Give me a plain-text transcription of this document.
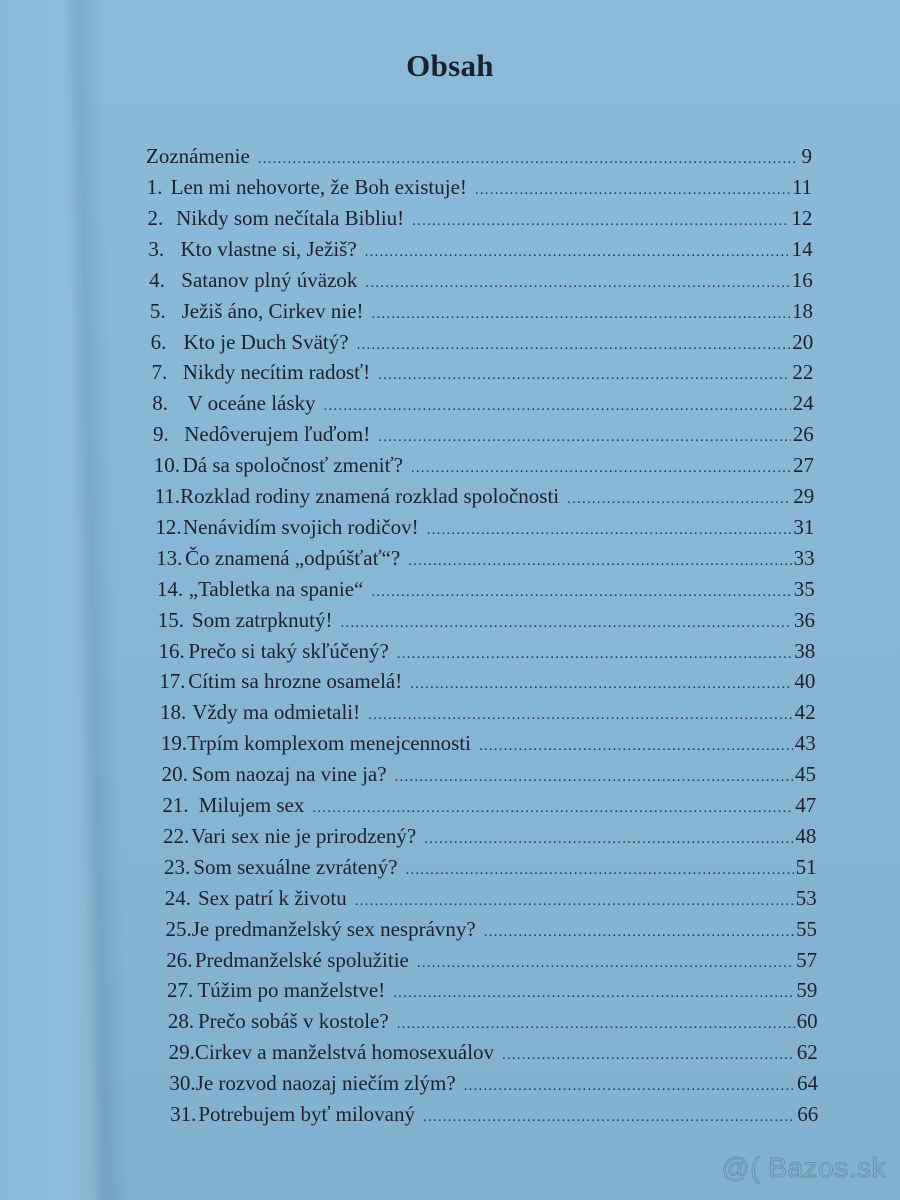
Obsah
Zoznámenie .....	9
1. Len mi nehovorte, že Boh existuje! .....	11
2. Nikdy som nečítala Bibliu! .....	12
3. Kto vlastne si, Ježiš? .....	14
4. Satanov plný úväzok .....	16
5. Ježiš áno, Cirkev nie! .....	18
6. Kto je Duch Svätý? .....	20
7. Nikdy necítim radosť! .....	22
8. V oceáne lásky .....	24
9. Nedôverujem ľuďom! .....	26
10. Dá sa spoločnosť zmeniť? .....	27
11. Rozklad rodiny znamená rozklad spoločnosti .....	29
12. Nenávidím svojich rodičov! .....	31
13. Čo znamená „odpúšťať“? .....	33
14. „Tabletka na spanie“ .....	35
15. Som zatrpknutý! .....	36
16. Prečo si taký skľúčený? .....	38
17. Cítim sa hrozne osamelá! .....	40
18. Vždy ma odmietali! .....	42
19. Trpím komplexom menejcennosti .....	43
20. Som naozaj na vine ja? .....	45
21. Milujem sex .....	47
22. Vari sex nie je prirodzený? .....	48
23. Som sexuálne zvrátený? .....	51
24. Sex patrí k životu .....	53
25. Je predmanželský sex nesprávny? .....	55
26. Predmanželské spolužitie .....	57
27. Túžim po manželstve! .....	59
28. Prečo sobáš v kostole? .....	60
29. Cirkev a manželstvá homosexuálov .....	62
30. Je rozvod naozaj niečím zlým? .....	64
31. Potrebujem byť milovaný .....	66
@( Bazos.sk
